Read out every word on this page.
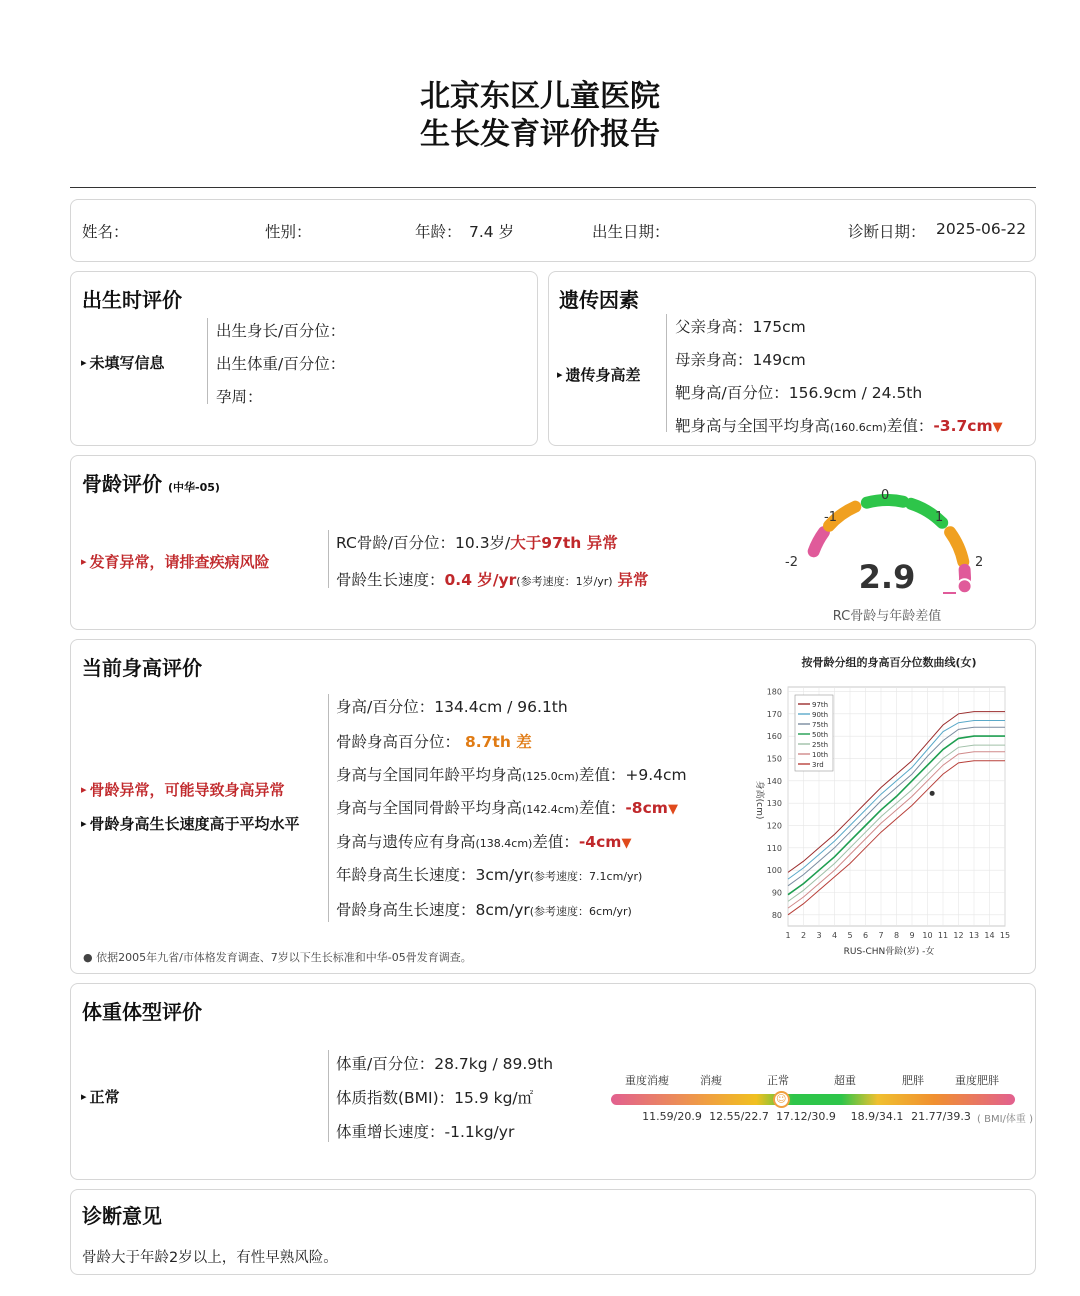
北京东区儿童医院
生长发育评价报告
姓名：	性别：	年龄： 7.4 岁	出生日期：	诊断日期： 2025-06-22
出生时评价
▸ 未填写信息
出生身长/百分位：
出生体重/百分位：
孕周：
遗传因素
▸ 遗传身高差
父亲身高：175cm
母亲身高：149cm
靶身高/百分位：156.9cm / 24.5th
靶身高与全国平均身高(160.6cm)差值：-3.7cm▼
骨龄评价 (中华-05)
▸ 发育异常，请排查疾病风险
RC骨龄/百分位：10.3岁/大于97th 异常
骨龄生长速度：0.4 岁/yr(参考速度：1岁/yr) 异常
-2
-1
0
1
2
2.9
RC骨龄与年龄差值
当前身高评价
▸ 骨龄异常，可能导致身高异常
▸ 骨龄身高生长速度高于平均水平
身高/百分位：134.4cm / 96.1th
骨龄身高百分位： 8.7th 差
身高与全国同年龄平均身高(125.0cm)差值：+9.4cm
身高与全国同骨龄平均身高(142.4cm)差值：-8cm▼
身高与遗传应有身高(138.4cm)差值：-4cm▼
年龄身高生长速度：3cm/yr(参考速度：7.1cm/yr)
骨龄身高生长速度：8cm/yr(参考速度：6cm/yr)
● 依据2005年九省/市体格发育调查、7岁以下生长标准和中华-05骨发育调查。
按骨龄分组的身高百分位数曲线(女)
RUS-CHN骨龄(岁) -女
身高(cm)
1 2 3 4 5 6 7 8 9 10 11 12 13 14 15
80
90
100
110
120
130
140
150
160
170
180
97th
90th
75th
50th
25th
10th
3rd
体重体型评价
▸ 正常
体重/百分位：28.7kg / 89.9th
体质指数(BMI)：15.9 kg/㎡
体重增长速度：-1.1kg/yr
重度消瘦	消瘦	正常	超重	肥胖	重度肥胖
☺
11.59/20.9 12.55/22.7 17.12/30.9	18.9/34.1 21.77/39.3 ( BMI/体重 )
诊断意见
骨龄大于年龄2岁以上，有性早熟风险。
